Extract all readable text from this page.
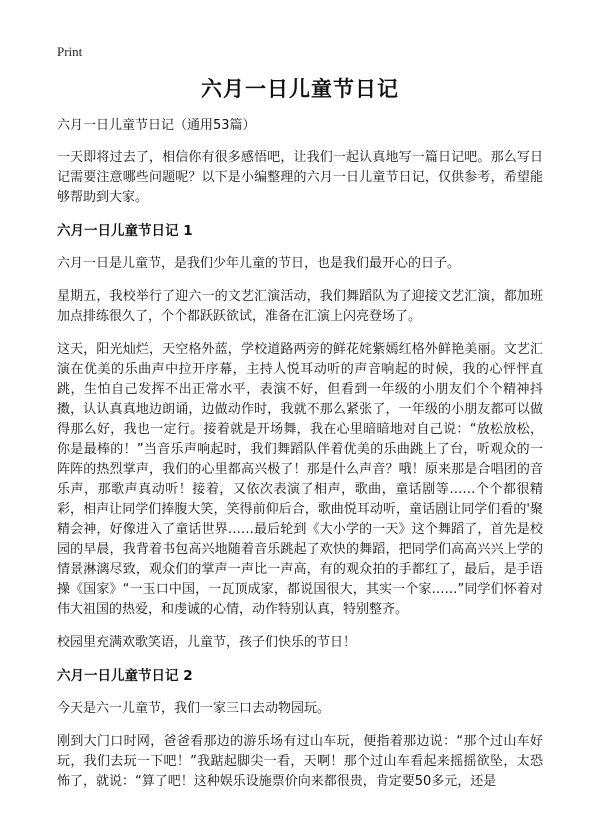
Print
六月一日儿童节日记
六月一日儿童节日记（通用53篇）

一天即将过去了，相信你有很多感悟吧，让我们一起认真地写一篇日记吧。那么写日记需要注意哪些问题呢？以下是小编整理的六月一日儿童节日记，仅供参考，希望能够帮助到大家。

六月一日儿童节日记 1

六月一日是儿童节，是我们少年儿童的节日，也是我们最开心的日子。

星期五，我校举行了迎六一的文艺汇演活动，我们舞蹈队为了迎接文艺汇演，都加班加点排练很久了，个个都跃跃欲试，准备在汇演上闪亮登场了。

这天，阳光灿烂，天空格外蓝，学校道路两旁的鲜花姹紫嫣红格外鲜艳美丽。文艺汇演在优美的乐曲声中拉开序幕，主持人悦耳动听的声音响起的时候，我的心怦怦直跳，生怕自己发挥不出正常水平，表演不好，但看到一年级的小朋友们个个精神抖擞，认认真真地边朗诵，边做动作时，我就不那么紧张了，一年级的小朋友都可以做得那么好，我也一定行。接着就是开场舞，我在心里暗暗地对自己说：“放松放松，你是最棒的！”当音乐声响起时，我们舞蹈队伴着优美的乐曲跳上了台，听观众的一阵阵的热烈掌声，我们的心里都高兴极了！那是什么声音？哦！原来那是合唱团的音乐声，那歌声真动听！接着，又依次表演了相声，歌曲，童话剧等……个个都很精彩，相声让同学们捧腹大笑，笑得前仰后合，歌曲悦耳动听，童话剧让同学们看的'聚精会神，好像进入了童话世界……最后轮到《大小学的一天》这个舞蹈了，首先是校园的早晨，我背着书包高兴地随着音乐跳起了欢快的舞蹈，把同学们高高兴兴上学的情景淋漓尽致，观众们的掌声一声比一声高，有的观众拍的手都红了，最后，是手语操《国家》“一玉口中国，一瓦顶成家，都说国很大，其实一个家……”同学们怀着对伟大祖国的热爱，和虔诚的心情，动作特别认真，特别整齐。

校园里充满欢歌笑语，儿童节，孩子们快乐的节日！

六月一日儿童节日记 2

今天是六一儿童节，我们一家三口去动物园玩。

刚到大门口时网，爸爸看那边的游乐场有过山车玩，便指着那边说：“那个过山车好玩，我们去玩一下吧！”我踮起脚尖一看，天啊！那个过山车看起来摇摇欲坠，太恐怖了，就说：“算了吧！这种娱乐设施票价向来都很贵，肯定要50多元，还是
